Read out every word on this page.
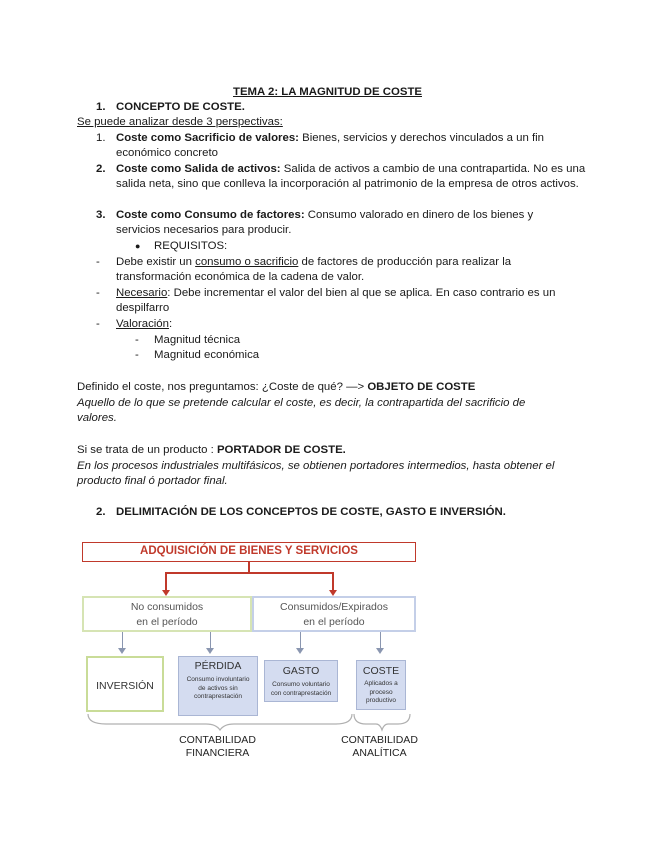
TEMA 2: LA MAGNITUD DE COSTE
1. CONCEPTO DE COSTE.
Se puede analizar desde 3 perspectivas:
1. Coste como Sacrificio de valores: Bienes, servicios y derechos vinculados a un fin económico concreto
2. Coste como Salida de activos: Salida de activos a cambio de una contrapartida. No es una salida neta, sino que conlleva la incorporación al patrimonio de la empresa de otros activos.
3. Coste como Consumo de factores: Consumo valorado en dinero de los bienes y servicios necesarios para producir.
● REQUISITOS:
- Debe existir un consumo o sacrificio de factores de producción para realizar la transformación económica de la cadena de valor.
- Necesario: Debe incrementar el valor del bien al que se aplica. En caso contrario es un despilfarro
- Valoración:
- Magnitud técnica
- Magnitud económica
Definido el coste, nos preguntamos: ¿Coste de qué? —> OBJETO DE COSTE
Aquello de lo que se pretende calcular el coste, es decir, la contrapartida del sacrificio de valores.
Si se trata de un producto : PORTADOR DE COSTE.
En los procesos industriales multifásicos, se obtienen portadores intermedios, hasta obtener el producto final ó portador final.
2. DELIMITACIÓN DE LOS CONCEPTOS DE COSTE, GASTO E INVERSIÓN.
ADQUISICIÓN DE BIENES Y SERVICIOS
No consumidos
en el período
Consumidos/Expirados
en el período
INVERSIÓN
PÉRDIDA
Consumo involuntario de activos sin contraprestación
GASTO
Consumo voluntario con contraprestación
COSTE
Aplicados a proceso productivo
CONTABILIDAD
FINANCIERA
CONTABILIDAD
ANALÍTICA
